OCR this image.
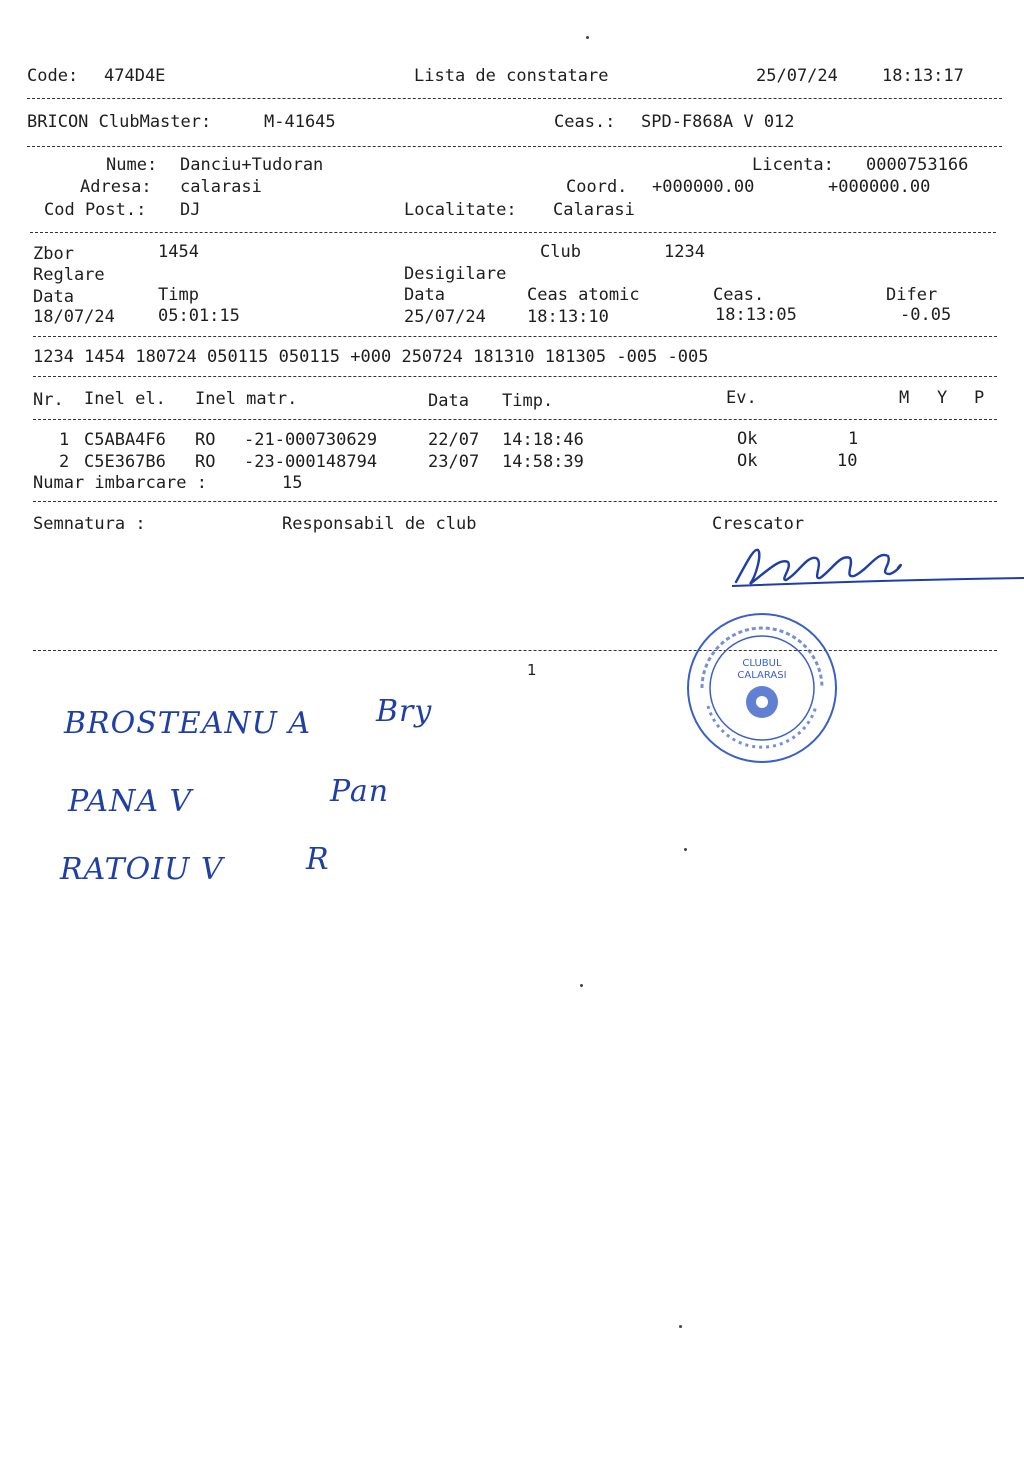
Code: 474D4E	Lista de constatare	25/07/24	18:13:17
BRICON ClubMaster:	M-41645	Ceas.: SPD-F868A V 012
Nume: Danciu+Tudoran	Licenta: 0000753166
Adresa: calarasi	Coord. +000000.00	+000000.00
Cod Post.: DJ	Localitate: Calarasi
Zbor	1454	Club	1234
Reglare	Desigilare
Data	Timp	Data	Ceas atomic	Ceas.	Difer
18/07/24	05:01:15	25/07/24 18:13:10	18:13:05	-0.05
1234 1454 180724 050115 050115 +000 250724 181310 181305 -005 -005
Nr. Inel el. Inel matr.	Data Timp.	Ev.	M Y P
1 C5ABA4F6 RO -21-000730629	22/07 14:18:46	Ok	1
2 C5E367B6 RO -23-000148794	23/07 14:58:39	Ok	10
Numar imbarcare :	15
Semnatura :	Responsabil de club	Crescator
1	CLUBUL
CALARASI
BROSTEANU A Bry
PANA V	Pan
RATOIU V	R
